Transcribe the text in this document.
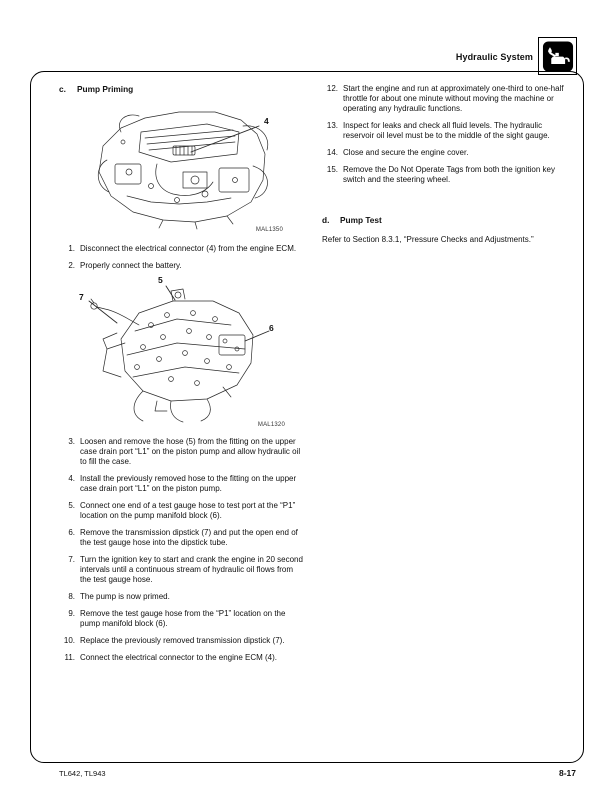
Hydraulic System
c.	Pump Priming
4
MAL1350
1. Disconnect the electrical connector (4) from the engine ECM.
2. Properly connect the battery.
5
7
6
MAL1320
3. Loosen and remove the hose (5) from the fitting on the upper case drain port “L1” on the piston pump and allow hydraulic oil to fill the case.
4. Install the previously removed hose to the fitting on the upper case drain port “L1” on the piston pump.
5. Connect one end of a test gauge hose to test port at the “P1” location on the pump manifold block (6).
6. Remove the transmission dipstick (7) and put the open end of the test gauge hose into the dipstick tube.
7. Turn the ignition key to start and crank the engine in 20 second intervals until a continuous stream of hydraulic oil flows from the test gauge hose.
8. The pump is now primed.
9. Remove the test gauge hose from the “P1” location on the pump manifold block (6).
10. Replace the previously removed transmission dipstick (7).
11. Connect the electrical connector to the engine ECM (4).
12. Start the engine and run at approximately one-third to one-half throttle for about one minute without moving the machine or operating any hydraulic functions.
13. Inspect for leaks and check all fluid levels. The hydraulic reservoir oil level must be to the middle of the sight gauge.
14. Close and secure the engine cover.
15. Remove the Do Not Operate Tags from both the ignition key switch and the steering wheel.
d.	Pump Test
Refer to Section 8.3.1, “Pressure Checks and Adjustments.”
TL642, TL943	8-17
